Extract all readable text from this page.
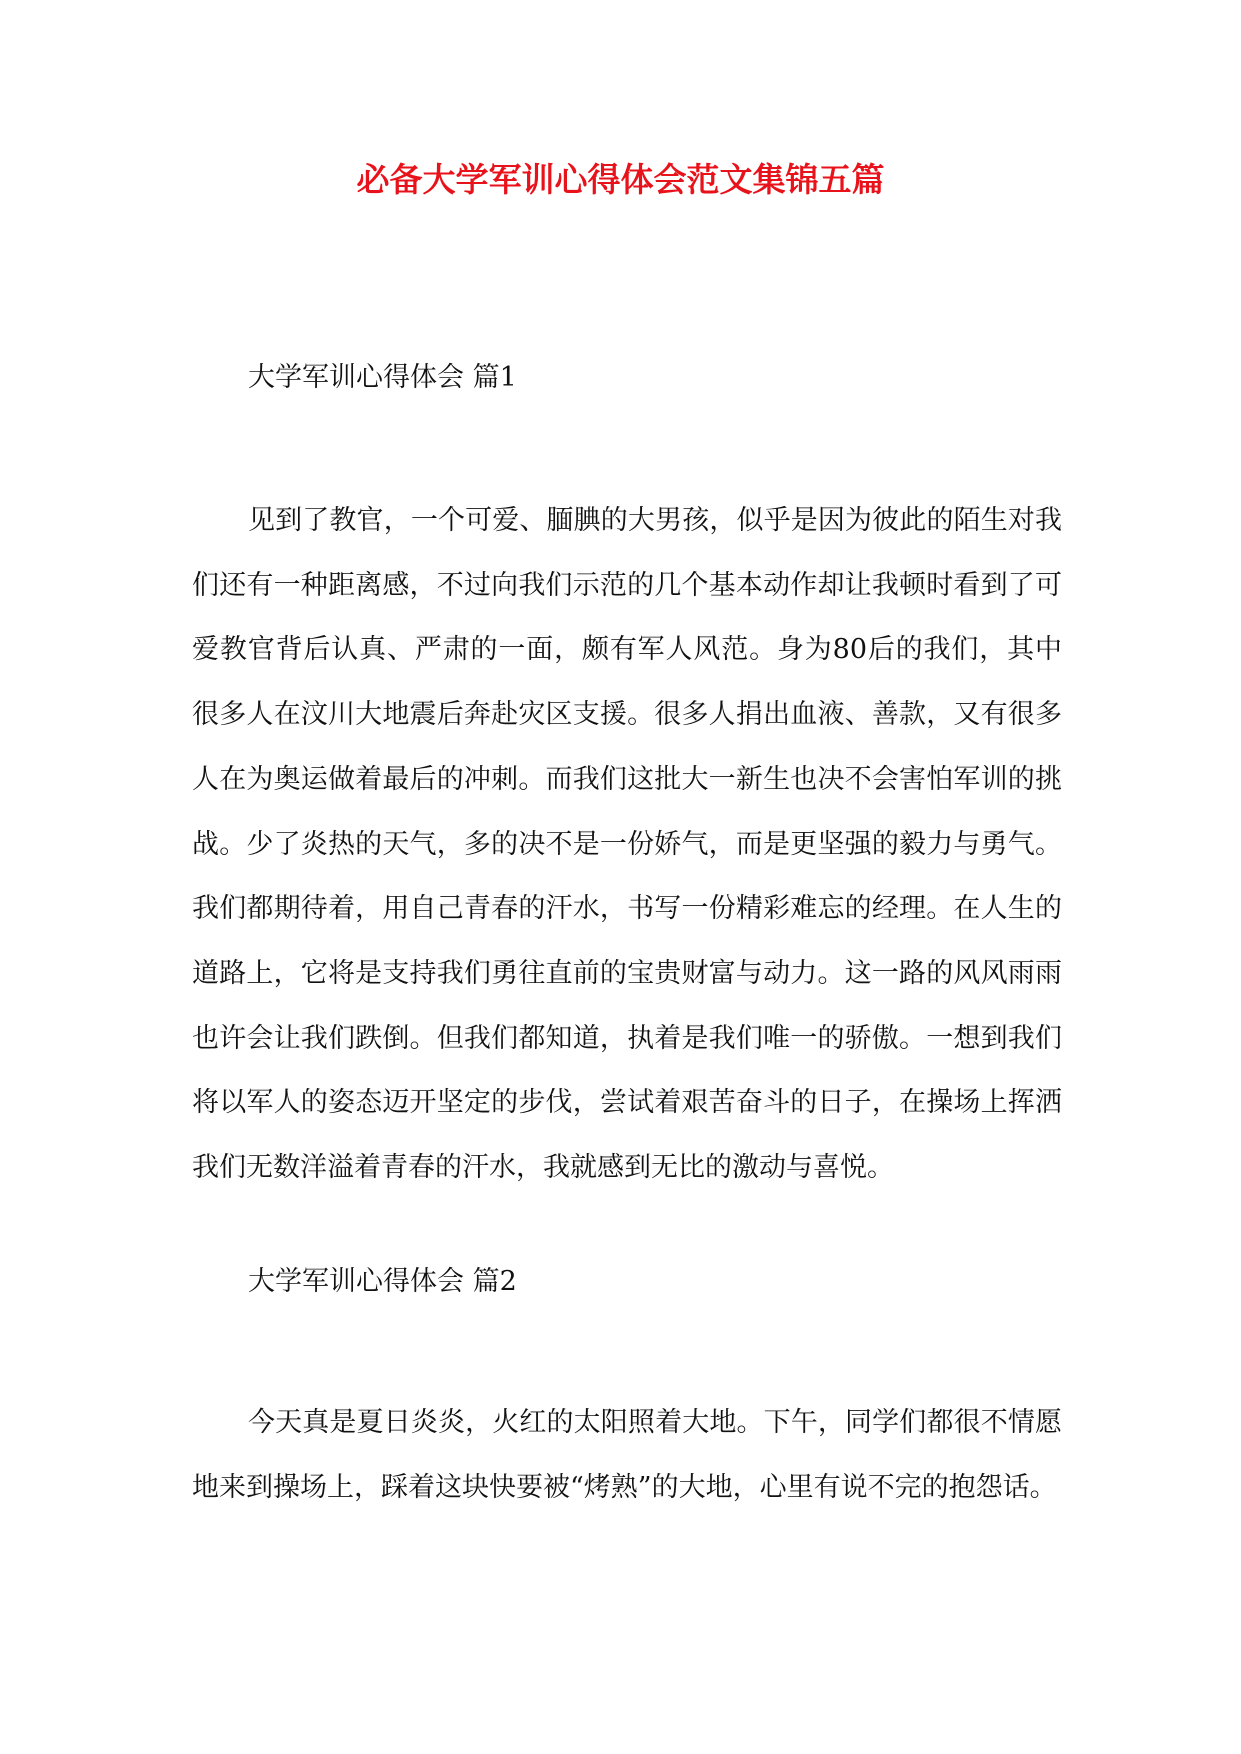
必备大学军训心得体会范文集锦五篇
大学军训心得体会 篇1

见到了教官，一个可爱、腼腆的大男孩，似乎是因为彼此的陌生对我们还有一种距离感，不过向我们示范的几个基本动作却让我顿时看到了可爱教官背后认真、严肃的一面，颇有军人风范。身为80后的我们，其中很多人在汶川大地震后奔赴灾区支援。很多人捐出血液、善款，又有很多人在为奥运做着最后的冲刺。而我们这批大一新生也决不会害怕军训的挑战。少了炎热的天气，多的决不是一份娇气，而是更坚强的毅力与勇气。我们都期待着，用自己青春的汗水，书写一份精彩难忘的经理。在人生的道路上，它将是支持我们勇往直前的宝贵财富与动力。这一路的风风雨雨也许会让我们跌倒。但我们都知道，执着是我们唯一的骄傲。一想到我们将以军人的姿态迈开坚定的步伐，尝试着艰苦奋斗的日子，在操场上挥洒我们无数洋溢着青春的汗水，我就感到无比的激动与喜悦。

大学军训心得体会 篇2

今天真是夏日炎炎，火红的太阳照着大地。下午，同学们都很不情愿地来到操场上，踩着这块快要被“烤熟”的大地，心里有说不完的抱怨话。
